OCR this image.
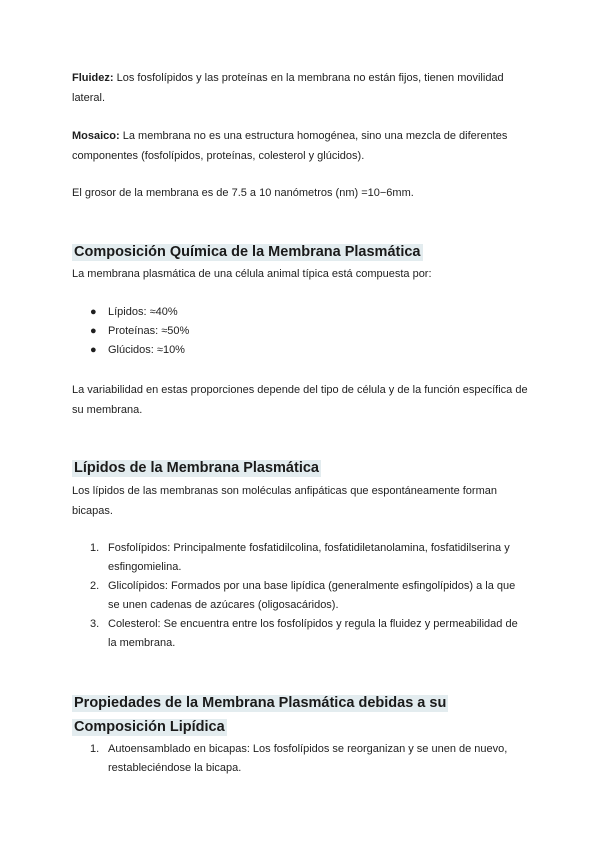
Fluidez: Los fosfolípidos y las proteínas en la membrana no están fijos, tienen movilidad lateral.

Mosaico: La membrana no es una estructura homogénea, sino una mezcla de diferentes componentes (fosfolípidos, proteínas, colesterol y glúcidos).

El grosor de la membrana es de 7.5 a 10 nanómetros (nm) =10−6mm.

Composición Química de la Membrana Plasmática

La membrana plasmática de una célula animal típica está compuesta por:

● Lípidos: ≈40%
● Proteínas: ≈50%
● Glúcidos: ≈10%

La variabilidad en estas proporciones depende del tipo de célula y de la función específica de su membrana.

Lípidos de la Membrana Plasmática

Los lípidos de las membranas son moléculas anfipáticas que espontáneamente forman bicapas.

1. Fosfolípidos: Principalmente fosfatidilcolina, fosfatidiletanolamina, fosfatidilserina y esfingomielina.
2. Glicolípidos: Formados por una base lipídica (generalmente esfingolípidos) a la que se unen cadenas de azúcares (oligosacáridos).
3. Colesterol: Se encuentra entre los fosfolípidos y regula la fluidez y permeabilidad de la membrana.
Propiedades de la Membrana Plasmática debidas a su
Composición Lipídica
1. Autoensamblado en bicapas: Los fosfolípidos se reorganizan y se unen de nuevo, restableciéndose la bicapa.
